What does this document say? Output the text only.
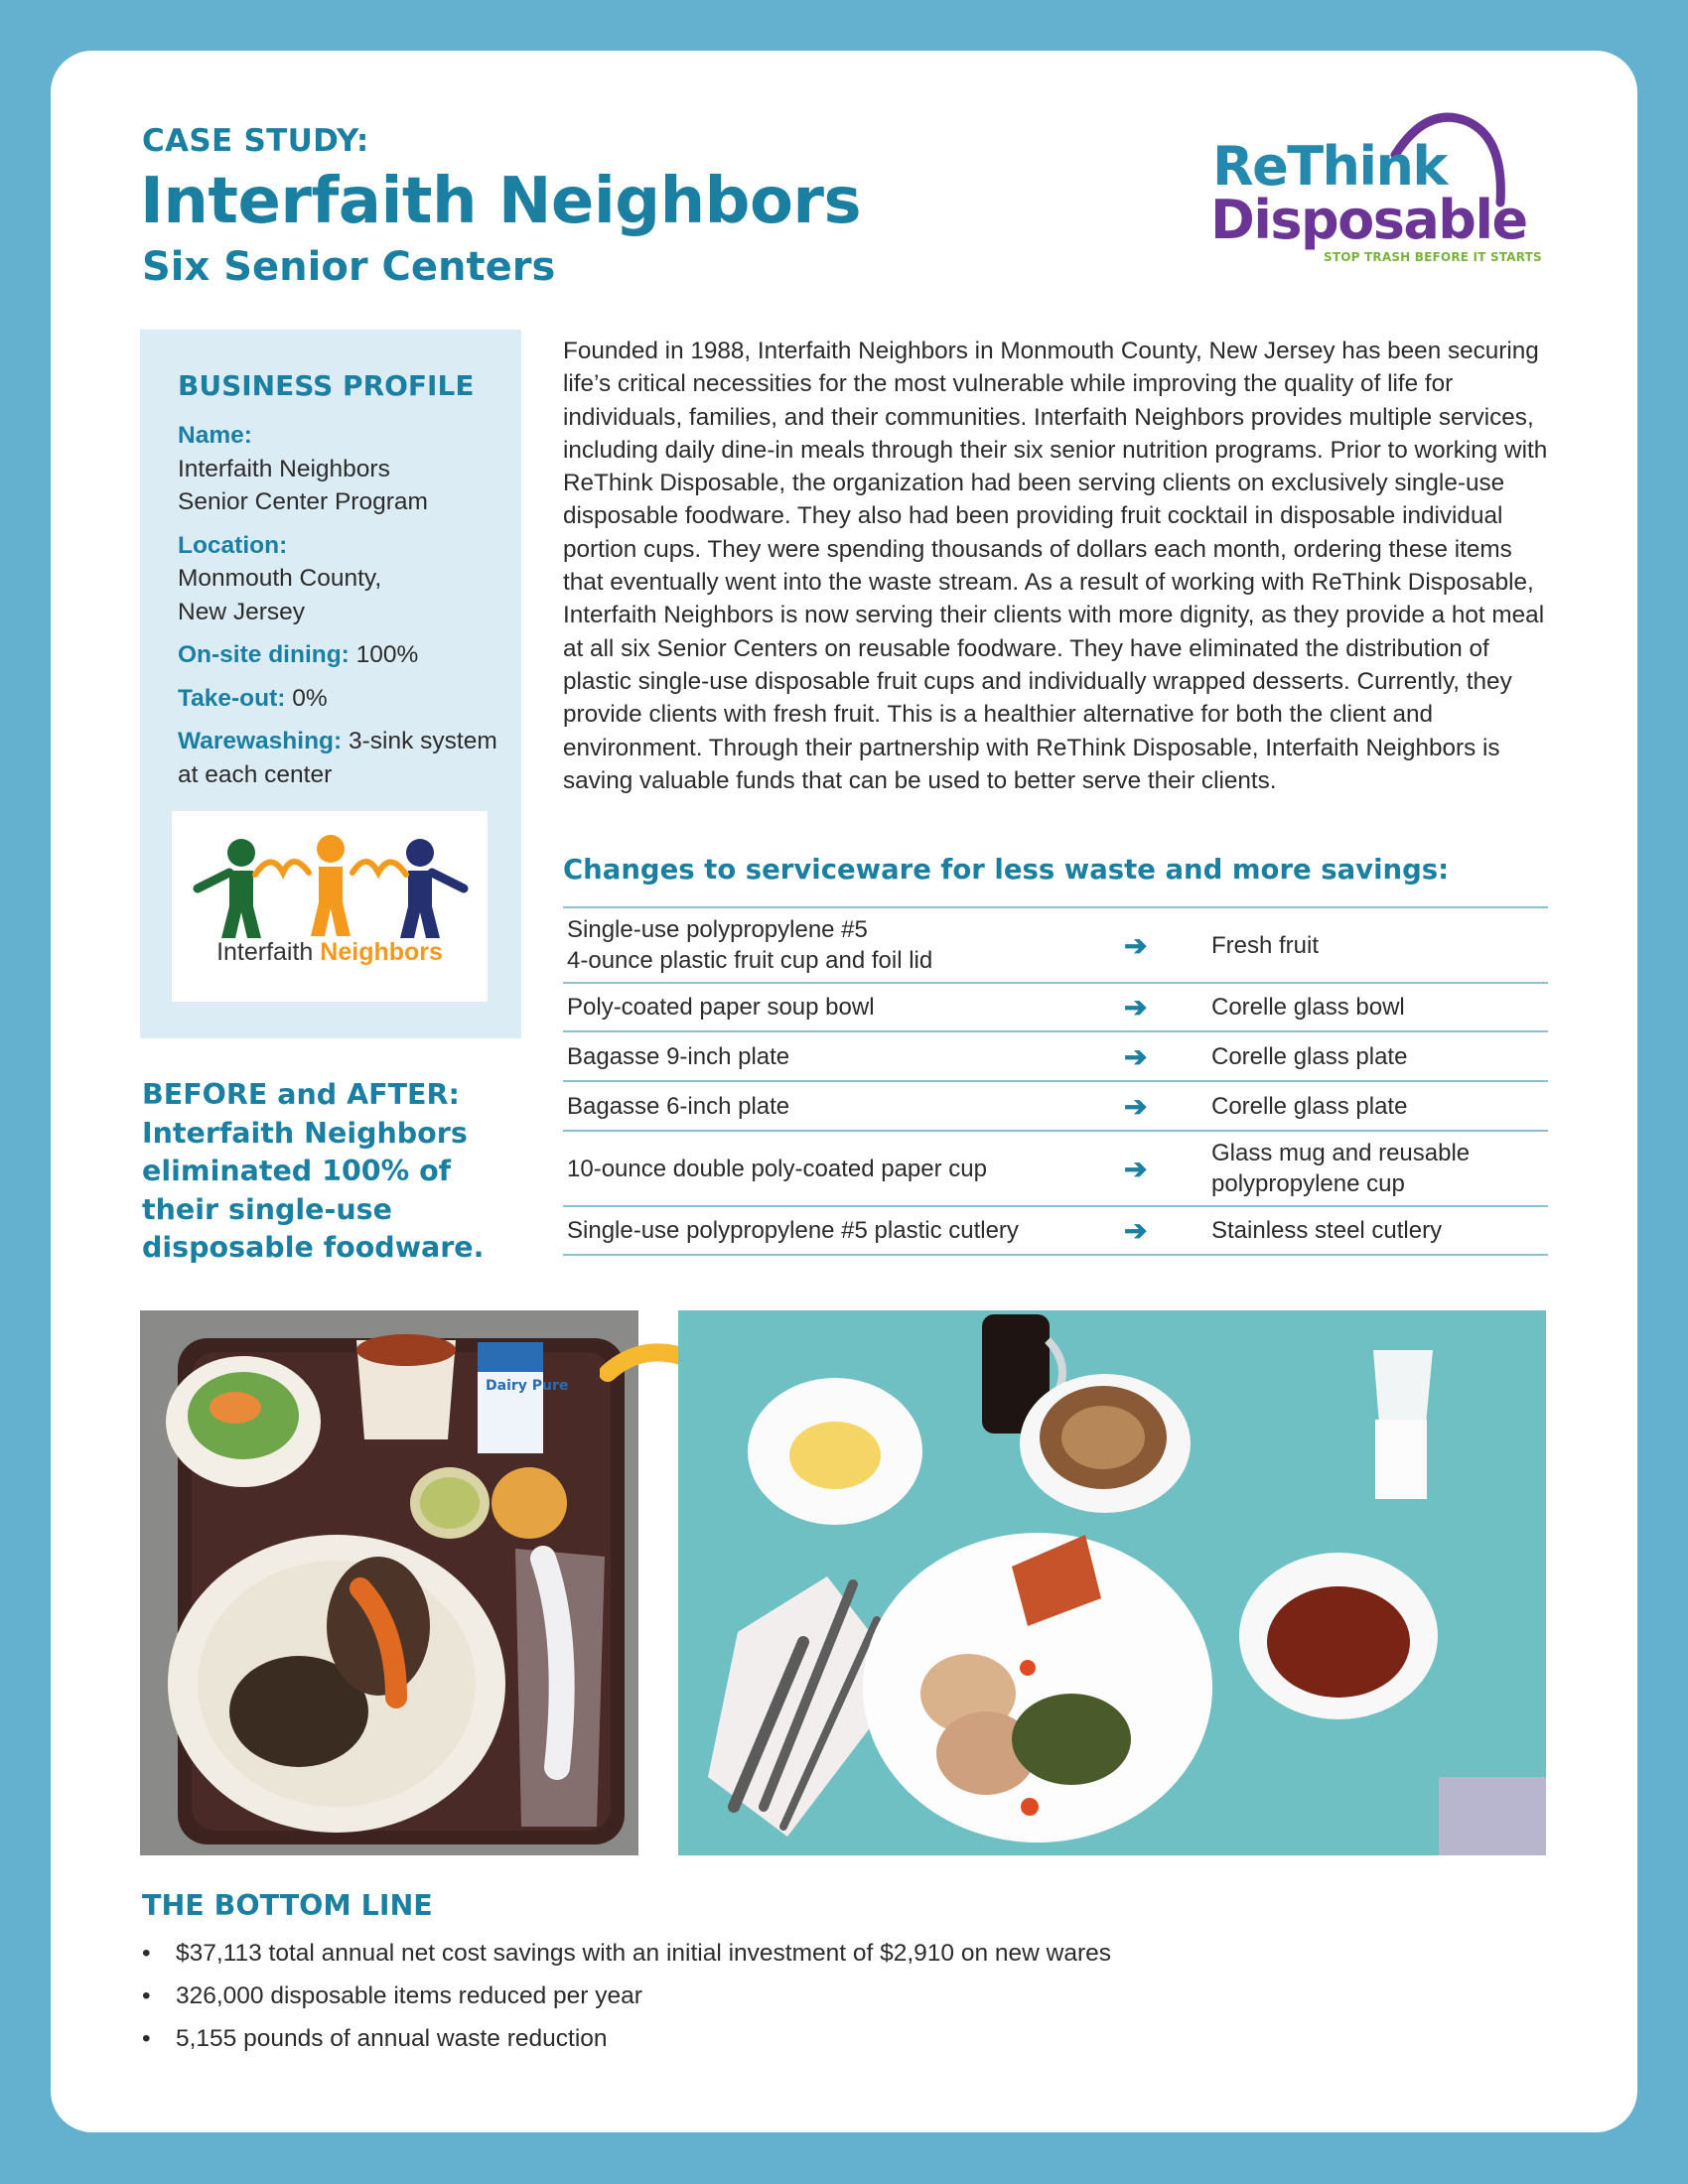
CASE STUDY:
Interfaith Neighbors
Six Senior Centers
ReThink
Disposable
STOP TRASH BEFORE IT STARTS
BUSINESS PROFILE
Name:
Interfaith Neighbors
Senior Center Program
Location:
Monmouth County,
New Jersey
On-site dining: 100%
Take-out: 0%
Warewashing: 3-sink system at each center
Interfaith Neighbors
BEFORE and AFTER: Interfaith Neighbors eliminated 100% of their single-use disposable foodware.
Founded in 1988, Interfaith Neighbors in Monmouth County, New Jersey has been securing life’s critical necessities for the most vulnerable while improving the quality of life for individuals, families, and their communities. Interfaith Neighbors provides multiple services, including daily dine-in meals through their six senior nutrition programs. Prior to working with ReThink Disposable, the organization had been serving clients on exclusively single-use disposable foodware. They also had been providing fruit cocktail in disposable individual portion cups. They were spending thousands of dollars each month, ordering these items that eventually went into the waste stream. As a result of working with ReThink Disposable, Interfaith Neighbors is now serving their clients with more dignity, as they provide a hot meal at all six Senior Centers on reusable foodware. They have eliminated the distribution of plastic single-use disposable fruit cups and individually wrapped desserts. Currently, they provide clients with fresh fruit. This is a healthier alternative for both the client and environment. Through their partnership with ReThink Disposable, Interfaith Neighbors is saving valuable funds that can be used to better serve their clients.
Changes to serviceware for less waste and more savings:
Single-use polypropylene #5
4-ounce plastic fruit cup and foil lid	➔	Fresh fruit
Poly-coated paper soup bowl	➔	Corelle glass bowl
Bagasse 9-inch plate	➔	Corelle glass plate
Bagasse 6-inch plate	➔	Corelle glass plate
10-ounce double poly-coated paper cup	➔	Glass mug and reusable
polypropylene cup
Single-use polypropylene #5 plastic cutlery	➔	Stainless steel cutlery
Dairy Pure
THE BOTTOM LINE
• $37,113 total annual net cost savings with an initial investment of $2,910 on new wares
• 326,000 disposable items reduced per year
• 5,155 pounds of annual waste reduction
